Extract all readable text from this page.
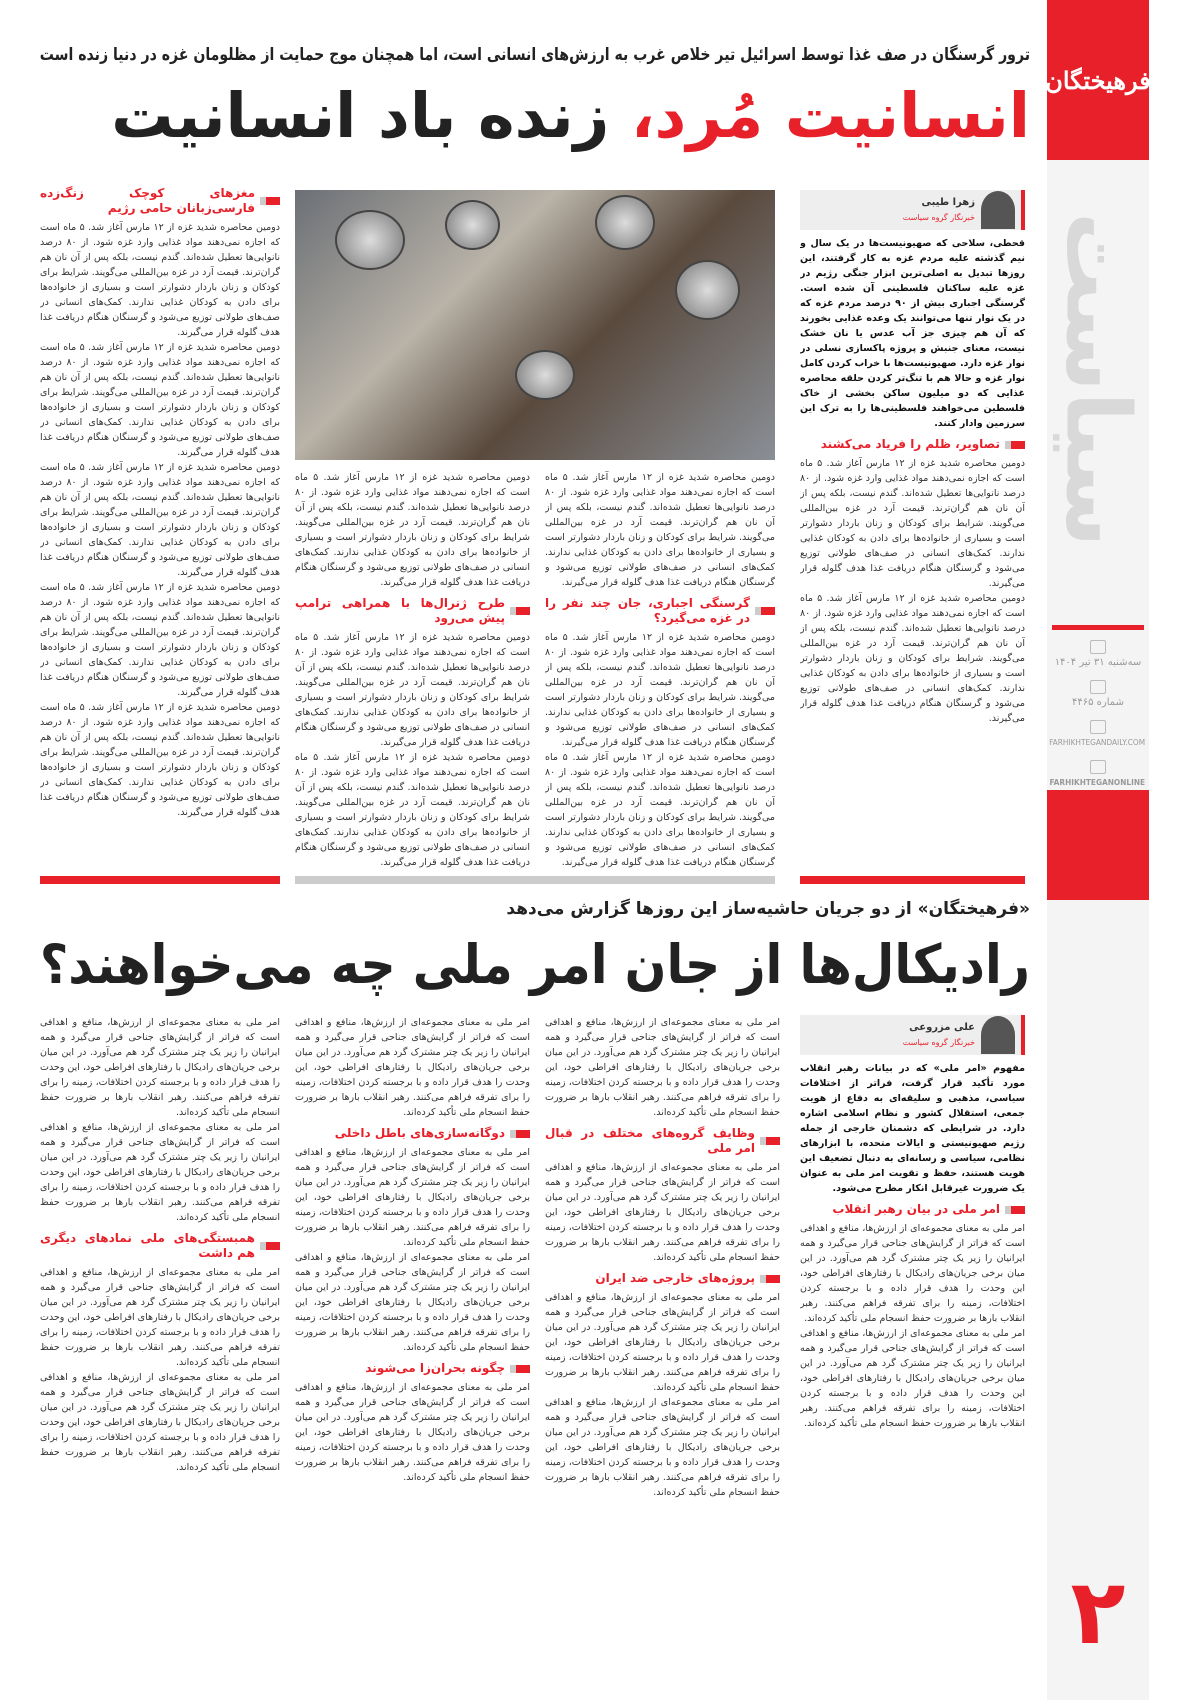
فرهیختگان
سیاست
سه‌شنبه ۳۱ تیر ۱۴۰۴
شماره ۴۴۶۵
FARHIKHTEGANDAILY.COM
FARHIKHTEGANONLINE
۲
ترور گرسنگان در صف غذا توسط اسرائیل تیر خلاص غرب به ارزش‌های انسانی است، اما همچنان موج حمایت از مظلومان غزه در دنیا زنده است
انسانیت مُرد، زنده باد انسانیت
زهرا طیبی
خبرنگار گروه سیاست

قحطی، سلاحی که صهیونیست‌ها در یک سال و نیم گذشته علیه مردم غزه به کار گرفتند، این روزها تبدیل به اصلی‌ترین ابزار جنگی رژیم در غزه علیه ساکنان فلسطینی آن شده است. گرسنگی اجباری بیش از ۹۰ درصد مردم غزه که در یک نوار تنها می‌توانند یک وعده غذایی بخورند که آن هم چیزی جز آب عدس یا نان خشک نیست، معنای جنبش و پروژه پاکسازی نسلی در نوار غزه دارد. صهیونیست‌ها با خراب کردن کامل نوار غزه و حالا هم با تنگ‌تر کردن حلقه محاصره غذایی که دو میلیون ساکن بخشی از خاک فلسطین می‌خواهند فلسطینی‌ها را به ترک این سرزمین وادار کنند.

تصاویر، ظلم را فریاد می‌کشند

دومین محاصره شدید غزه از ۱۲ مارس آغاز شد. ۵ ماه است که اجازه نمی‌دهند مواد غذایی وارد غزه شود. از ۸۰ درصد نانوایی‌ها تعطیل شده‌اند. گندم نیست، بلکه پس از آن نان هم گران‌ترند. قیمت آرد در غزه بین‌المللی می‌گویند. شرایط برای کودکان و زنان باردار دشوارتر است و بسیاری از خانواده‌ها برای دادن به کودکان غذایی ندارند. کمک‌های انسانی در صف‌های طولانی توزیع می‌شود و گرسنگان هنگام دریافت غذا هدف گلوله قرار می‌گیرند.

دومین محاصره شدید غزه از ۱۲ مارس آغاز شد. ۵ ماه است که اجازه نمی‌دهند مواد غذایی وارد غزه شود. از ۸۰ درصد نانوایی‌ها تعطیل شده‌اند. گندم نیست، بلکه پس از آن نان هم گران‌ترند. قیمت آرد در غزه بین‌المللی می‌گویند. شرایط برای کودکان و زنان باردار دشوارتر است و بسیاری از خانواده‌ها برای دادن به کودکان غذایی ندارند. کمک‌های انسانی در صف‌های طولانی توزیع می‌شود و گرسنگان هنگام دریافت غذا هدف گلوله قرار می‌گیرند.

دومین محاصره شدید غزه از ۱۲ مارس آغاز شد. ۵ ماه است که اجازه نمی‌دهند مواد غذایی وارد غزه شود. از ۸۰ درصد نانوایی‌ها تعطیل شده‌اند. گندم نیست، بلکه پس از آن نان هم گران‌ترند. قیمت آرد در غزه بین‌المللی می‌گویند. شرایط برای کودکان و زنان باردار دشوارتر است و بسیاری از خانواده‌ها برای دادن به کودکان غذایی ندارند. کمک‌های انسانی در صف‌های طولانی توزیع می‌شود و گرسنگان هنگام دریافت غذا هدف گلوله قرار می‌گیرند.

گرسنگی اجباری، جان چند نفر را در غزه می‌گیرد؟

دومین محاصره شدید غزه از ۱۲ مارس آغاز شد. ۵ ماه است که اجازه نمی‌دهند مواد غذایی وارد غزه شود. از ۸۰ درصد نانوایی‌ها تعطیل شده‌اند. گندم نیست، بلکه پس از آن نان هم گران‌ترند. قیمت آرد در غزه بین‌المللی می‌گویند. شرایط برای کودکان و زنان باردار دشوارتر است و بسیاری از خانواده‌ها برای دادن به کودکان غذایی ندارند. کمک‌های انسانی در صف‌های طولانی توزیع می‌شود و گرسنگان هنگام دریافت غذا هدف گلوله قرار می‌گیرند.

دومین محاصره شدید غزه از ۱۲ مارس آغاز شد. ۵ ماه است که اجازه نمی‌دهند مواد غذایی وارد غزه شود. از ۸۰ درصد نانوایی‌ها تعطیل شده‌اند. گندم نیست، بلکه پس از آن نان هم گران‌ترند. قیمت آرد در غزه بین‌المللی می‌گویند. شرایط برای کودکان و زنان باردار دشوارتر است و بسیاری از خانواده‌ها برای دادن به کودکان غذایی ندارند. کمک‌های انسانی در صف‌های طولانی توزیع می‌شود و گرسنگان هنگام دریافت غذا هدف گلوله قرار می‌گیرند.

دومین محاصره شدید غزه از ۱۲ مارس آغاز شد. ۵ ماه است که اجازه نمی‌دهند مواد غذایی وارد غزه شود. از ۸۰ درصد نانوایی‌ها تعطیل شده‌اند. گندم نیست، بلکه پس از آن نان هم گران‌ترند. قیمت آرد در غزه بین‌المللی می‌گویند. شرایط برای کودکان و زنان باردار دشوارتر است و بسیاری از خانواده‌ها برای دادن به کودکان غذایی ندارند. کمک‌های انسانی در صف‌های طولانی توزیع می‌شود و گرسنگان هنگام دریافت غذا هدف گلوله قرار می‌گیرند.

طرح ژنرال‌ها با همراهی ترامپ پیش می‌رود

دومین محاصره شدید غزه از ۱۲ مارس آغاز شد. ۵ ماه است که اجازه نمی‌دهند مواد غذایی وارد غزه شود. از ۸۰ درصد نانوایی‌ها تعطیل شده‌اند. گندم نیست، بلکه پس از آن نان هم گران‌ترند. قیمت آرد در غزه بین‌المللی می‌گویند. شرایط برای کودکان و زنان باردار دشوارتر است و بسیاری از خانواده‌ها برای دادن به کودکان غذایی ندارند. کمک‌های انسانی در صف‌های طولانی توزیع می‌شود و گرسنگان هنگام دریافت غذا هدف گلوله قرار می‌گیرند.

دومین محاصره شدید غزه از ۱۲ مارس آغاز شد. ۵ ماه است که اجازه نمی‌دهند مواد غذایی وارد غزه شود. از ۸۰ درصد نانوایی‌ها تعطیل شده‌اند. گندم نیست، بلکه پس از آن نان هم گران‌ترند. قیمت آرد در غزه بین‌المللی می‌گویند. شرایط برای کودکان و زنان باردار دشوارتر است و بسیاری از خانواده‌ها برای دادن به کودکان غذایی ندارند. کمک‌های انسانی در صف‌های طولانی توزیع می‌شود و گرسنگان هنگام دریافت غذا هدف گلوله قرار می‌گیرند.

مغزهای کوچک زنگ‌زده فارسی‌زبانان حامی رژیم

دومین محاصره شدید غزه از ۱۲ مارس آغاز شد. ۵ ماه است که اجازه نمی‌دهند مواد غذایی وارد غزه شود. از ۸۰ درصد نانوایی‌ها تعطیل شده‌اند. گندم نیست، بلکه پس از آن نان هم گران‌ترند. قیمت آرد در غزه بین‌المللی می‌گویند. شرایط برای کودکان و زنان باردار دشوارتر است و بسیاری از خانواده‌ها برای دادن به کودکان غذایی ندارند. کمک‌های انسانی در صف‌های طولانی توزیع می‌شود و گرسنگان هنگام دریافت غذا هدف گلوله قرار می‌گیرند.

دومین محاصره شدید غزه از ۱۲ مارس آغاز شد. ۵ ماه است که اجازه نمی‌دهند مواد غذایی وارد غزه شود. از ۸۰ درصد نانوایی‌ها تعطیل شده‌اند. گندم نیست، بلکه پس از آن نان هم گران‌ترند. قیمت آرد در غزه بین‌المللی می‌گویند. شرایط برای کودکان و زنان باردار دشوارتر است و بسیاری از خانواده‌ها برای دادن به کودکان غذایی ندارند. کمک‌های انسانی در صف‌های طولانی توزیع می‌شود و گرسنگان هنگام دریافت غذا هدف گلوله قرار می‌گیرند.

دومین محاصره شدید غزه از ۱۲ مارس آغاز شد. ۵ ماه است که اجازه نمی‌دهند مواد غذایی وارد غزه شود. از ۸۰ درصد نانوایی‌ها تعطیل شده‌اند. گندم نیست، بلکه پس از آن نان هم گران‌ترند. قیمت آرد در غزه بین‌المللی می‌گویند. شرایط برای کودکان و زنان باردار دشوارتر است و بسیاری از خانواده‌ها برای دادن به کودکان غذایی ندارند. کمک‌های انسانی در صف‌های طولانی توزیع می‌شود و گرسنگان هنگام دریافت غذا هدف گلوله قرار می‌گیرند.

دومین محاصره شدید غزه از ۱۲ مارس آغاز شد. ۵ ماه است که اجازه نمی‌دهند مواد غذایی وارد غزه شود. از ۸۰ درصد نانوایی‌ها تعطیل شده‌اند. گندم نیست، بلکه پس از آن نان هم گران‌ترند. قیمت آرد در غزه بین‌المللی می‌گویند. شرایط برای کودکان و زنان باردار دشوارتر است و بسیاری از خانواده‌ها برای دادن به کودکان غذایی ندارند. کمک‌های انسانی در صف‌های طولانی توزیع می‌شود و گرسنگان هنگام دریافت غذا هدف گلوله قرار می‌گیرند.

دومین محاصره شدید غزه از ۱۲ مارس آغاز شد. ۵ ماه است که اجازه نمی‌دهند مواد غذایی وارد غزه شود. از ۸۰ درصد نانوایی‌ها تعطیل شده‌اند. گندم نیست، بلکه پس از آن نان هم گران‌ترند. قیمت آرد در غزه بین‌المللی می‌گویند. شرایط برای کودکان و زنان باردار دشوارتر است و بسیاری از خانواده‌ها برای دادن به کودکان غذایی ندارند. کمک‌های انسانی در صف‌های طولانی توزیع می‌شود و گرسنگان هنگام دریافت غذا هدف گلوله قرار می‌گیرند.

«فرهیختگان» از دو جریان حاشیه‌ساز این روزها گزارش می‌دهد
رادیکال‌ها از جان امر ملی چه می‌خواهند؟
علی مزروعی
خبرنگار گروه سیاست

مفهوم «امر ملی» که در بیانات رهبر انقلاب مورد تأکید قرار گرفت، فراتر از اختلافات سیاسی، مذهبی و سلیقه‌ای به دفاع از هویت جمعی، استقلال کشور و نظام اسلامی اشاره دارد. در شرایطی که دشمنان خارجی از جمله رژیم صهیونیستی و ایالات متحده، با ابزارهای نظامی، سیاسی و رسانه‌ای به دنبال تضعیف این هویت هستند، حفظ و تقویت امر ملی به عنوان یک ضرورت غیرقابل انکار مطرح می‌شود.

امر ملی در بیان رهبر انقلاب

امر ملی به معنای مجموعه‌ای از ارزش‌ها، منافع و اهدافی است که فراتر از گرایش‌های جناحی قرار می‌گیرد و همه ایرانیان را زیر یک چتر مشترک گرد هم می‌آورد. در این میان برخی جریان‌های رادیکال با رفتارهای افراطی خود، این وحدت را هدف قرار داده و با برجسته کردن اختلافات، زمینه را برای تفرقه فراهم می‌کنند. رهبر انقلاب بارها بر ضرورت حفظ انسجام ملی تأکید کرده‌اند.

امر ملی به معنای مجموعه‌ای از ارزش‌ها، منافع و اهدافی است که فراتر از گرایش‌های جناحی قرار می‌گیرد و همه ایرانیان را زیر یک چتر مشترک گرد هم می‌آورد. در این میان برخی جریان‌های رادیکال با رفتارهای افراطی خود، این وحدت را هدف قرار داده و با برجسته کردن اختلافات، زمینه را برای تفرقه فراهم می‌کنند. رهبر انقلاب بارها بر ضرورت حفظ انسجام ملی تأکید کرده‌اند.

امر ملی به معنای مجموعه‌ای از ارزش‌ها، منافع و اهدافی است که فراتر از گرایش‌های جناحی قرار می‌گیرد و همه ایرانیان را زیر یک چتر مشترک گرد هم می‌آورد. در این میان برخی جریان‌های رادیکال با رفتارهای افراطی خود، این وحدت را هدف قرار داده و با برجسته کردن اختلافات، زمینه را برای تفرقه فراهم می‌کنند. رهبر انقلاب بارها بر ضرورت حفظ انسجام ملی تأکید کرده‌اند.

وظایف گروه‌های مختلف در قبال امر ملی

امر ملی به معنای مجموعه‌ای از ارزش‌ها، منافع و اهدافی است که فراتر از گرایش‌های جناحی قرار می‌گیرد و همه ایرانیان را زیر یک چتر مشترک گرد هم می‌آورد. در این میان برخی جریان‌های رادیکال با رفتارهای افراطی خود، این وحدت را هدف قرار داده و با برجسته کردن اختلافات، زمینه را برای تفرقه فراهم می‌کنند. رهبر انقلاب بارها بر ضرورت حفظ انسجام ملی تأکید کرده‌اند.

پروژه‌های خارجی ضد ایران

امر ملی به معنای مجموعه‌ای از ارزش‌ها، منافع و اهدافی است که فراتر از گرایش‌های جناحی قرار می‌گیرد و همه ایرانیان را زیر یک چتر مشترک گرد هم می‌آورد. در این میان برخی جریان‌های رادیکال با رفتارهای افراطی خود، این وحدت را هدف قرار داده و با برجسته کردن اختلافات، زمینه را برای تفرقه فراهم می‌کنند. رهبر انقلاب بارها بر ضرورت حفظ انسجام ملی تأکید کرده‌اند.

امر ملی به معنای مجموعه‌ای از ارزش‌ها، منافع و اهدافی است که فراتر از گرایش‌های جناحی قرار می‌گیرد و همه ایرانیان را زیر یک چتر مشترک گرد هم می‌آورد. در این میان برخی جریان‌های رادیکال با رفتارهای افراطی خود، این وحدت را هدف قرار داده و با برجسته کردن اختلافات، زمینه را برای تفرقه فراهم می‌کنند. رهبر انقلاب بارها بر ضرورت حفظ انسجام ملی تأکید کرده‌اند.

امر ملی به معنای مجموعه‌ای از ارزش‌ها، منافع و اهدافی است که فراتر از گرایش‌های جناحی قرار می‌گیرد و همه ایرانیان را زیر یک چتر مشترک گرد هم می‌آورد. در این میان برخی جریان‌های رادیکال با رفتارهای افراطی خود، این وحدت را هدف قرار داده و با برجسته کردن اختلافات، زمینه را برای تفرقه فراهم می‌کنند. رهبر انقلاب بارها بر ضرورت حفظ انسجام ملی تأکید کرده‌اند.

دوگانه‌سازی‌های باطل داخلی

امر ملی به معنای مجموعه‌ای از ارزش‌ها، منافع و اهدافی است که فراتر از گرایش‌های جناحی قرار می‌گیرد و همه ایرانیان را زیر یک چتر مشترک گرد هم می‌آورد. در این میان برخی جریان‌های رادیکال با رفتارهای افراطی خود، این وحدت را هدف قرار داده و با برجسته کردن اختلافات، زمینه را برای تفرقه فراهم می‌کنند. رهبر انقلاب بارها بر ضرورت حفظ انسجام ملی تأکید کرده‌اند.

امر ملی به معنای مجموعه‌ای از ارزش‌ها، منافع و اهدافی است که فراتر از گرایش‌های جناحی قرار می‌گیرد و همه ایرانیان را زیر یک چتر مشترک گرد هم می‌آورد. در این میان برخی جریان‌های رادیکال با رفتارهای افراطی خود، این وحدت را هدف قرار داده و با برجسته کردن اختلافات، زمینه را برای تفرقه فراهم می‌کنند. رهبر انقلاب بارها بر ضرورت حفظ انسجام ملی تأکید کرده‌اند.

چگونه بحران‌زا می‌شوند

امر ملی به معنای مجموعه‌ای از ارزش‌ها، منافع و اهدافی است که فراتر از گرایش‌های جناحی قرار می‌گیرد و همه ایرانیان را زیر یک چتر مشترک گرد هم می‌آورد. در این میان برخی جریان‌های رادیکال با رفتارهای افراطی خود، این وحدت را هدف قرار داده و با برجسته کردن اختلافات، زمینه را برای تفرقه فراهم می‌کنند. رهبر انقلاب بارها بر ضرورت حفظ انسجام ملی تأکید کرده‌اند.

امر ملی به معنای مجموعه‌ای از ارزش‌ها، منافع و اهدافی است که فراتر از گرایش‌های جناحی قرار می‌گیرد و همه ایرانیان را زیر یک چتر مشترک گرد هم می‌آورد. در این میان برخی جریان‌های رادیکال با رفتارهای افراطی خود، این وحدت را هدف قرار داده و با برجسته کردن اختلافات، زمینه را برای تفرقه فراهم می‌کنند. رهبر انقلاب بارها بر ضرورت حفظ انسجام ملی تأکید کرده‌اند.

امر ملی به معنای مجموعه‌ای از ارزش‌ها، منافع و اهدافی است که فراتر از گرایش‌های جناحی قرار می‌گیرد و همه ایرانیان را زیر یک چتر مشترک گرد هم می‌آورد. در این میان برخی جریان‌های رادیکال با رفتارهای افراطی خود، این وحدت را هدف قرار داده و با برجسته کردن اختلافات، زمینه را برای تفرقه فراهم می‌کنند. رهبر انقلاب بارها بر ضرورت حفظ انسجام ملی تأکید کرده‌اند.

همبستگی‌های ملی نمادهای دیگری هم داشت

امر ملی به معنای مجموعه‌ای از ارزش‌ها، منافع و اهدافی است که فراتر از گرایش‌های جناحی قرار می‌گیرد و همه ایرانیان را زیر یک چتر مشترک گرد هم می‌آورد. در این میان برخی جریان‌های رادیکال با رفتارهای افراطی خود، این وحدت را هدف قرار داده و با برجسته کردن اختلافات، زمینه را برای تفرقه فراهم می‌کنند. رهبر انقلاب بارها بر ضرورت حفظ انسجام ملی تأکید کرده‌اند.

امر ملی به معنای مجموعه‌ای از ارزش‌ها، منافع و اهدافی است که فراتر از گرایش‌های جناحی قرار می‌گیرد و همه ایرانیان را زیر یک چتر مشترک گرد هم می‌آورد. در این میان برخی جریان‌های رادیکال با رفتارهای افراطی خود، این وحدت را هدف قرار داده و با برجسته کردن اختلافات، زمینه را برای تفرقه فراهم می‌کنند. رهبر انقلاب بارها بر ضرورت حفظ انسجام ملی تأکید کرده‌اند.
